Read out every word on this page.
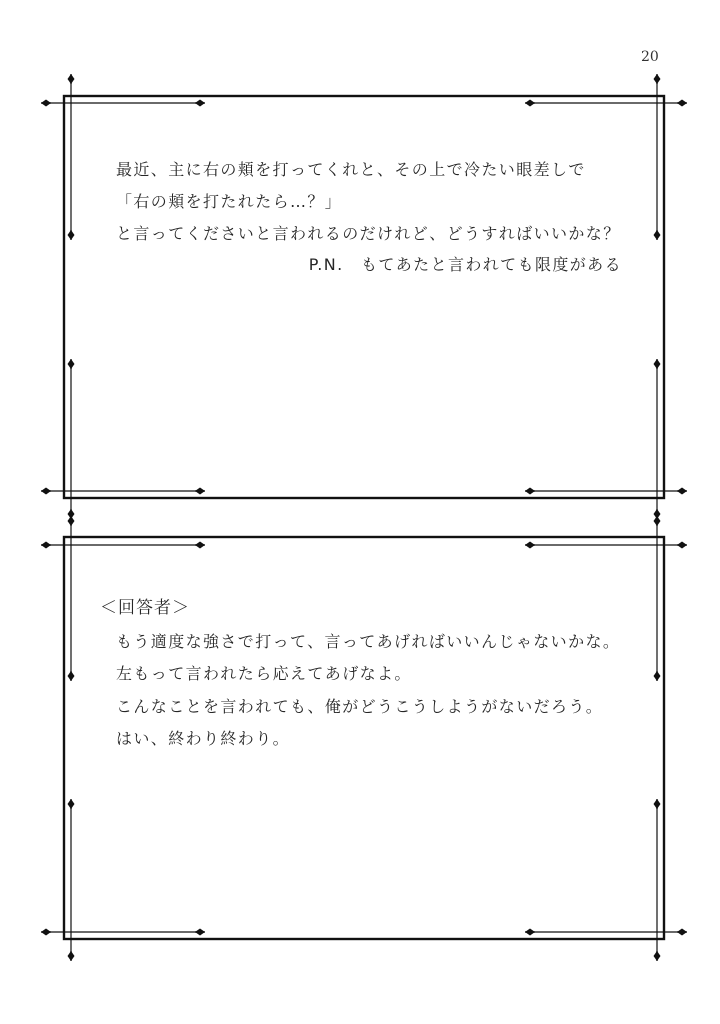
20
最近、主に右の頬を打ってくれと、その上で冷たい眼差しで
「右の頬を打たれたら…？」
と言ってくださいと言われるのだけれど、どうすればいいかな？
P.N.　もてあたと言われても限度がある
＜回答者＞
もう適度な強さで打って、言ってあげればいいんじゃないかな。
左もって言われたら応えてあげなよ。
こんなことを言われても、俺がどうこうしようがないだろう。
はい、終わり終わり。
